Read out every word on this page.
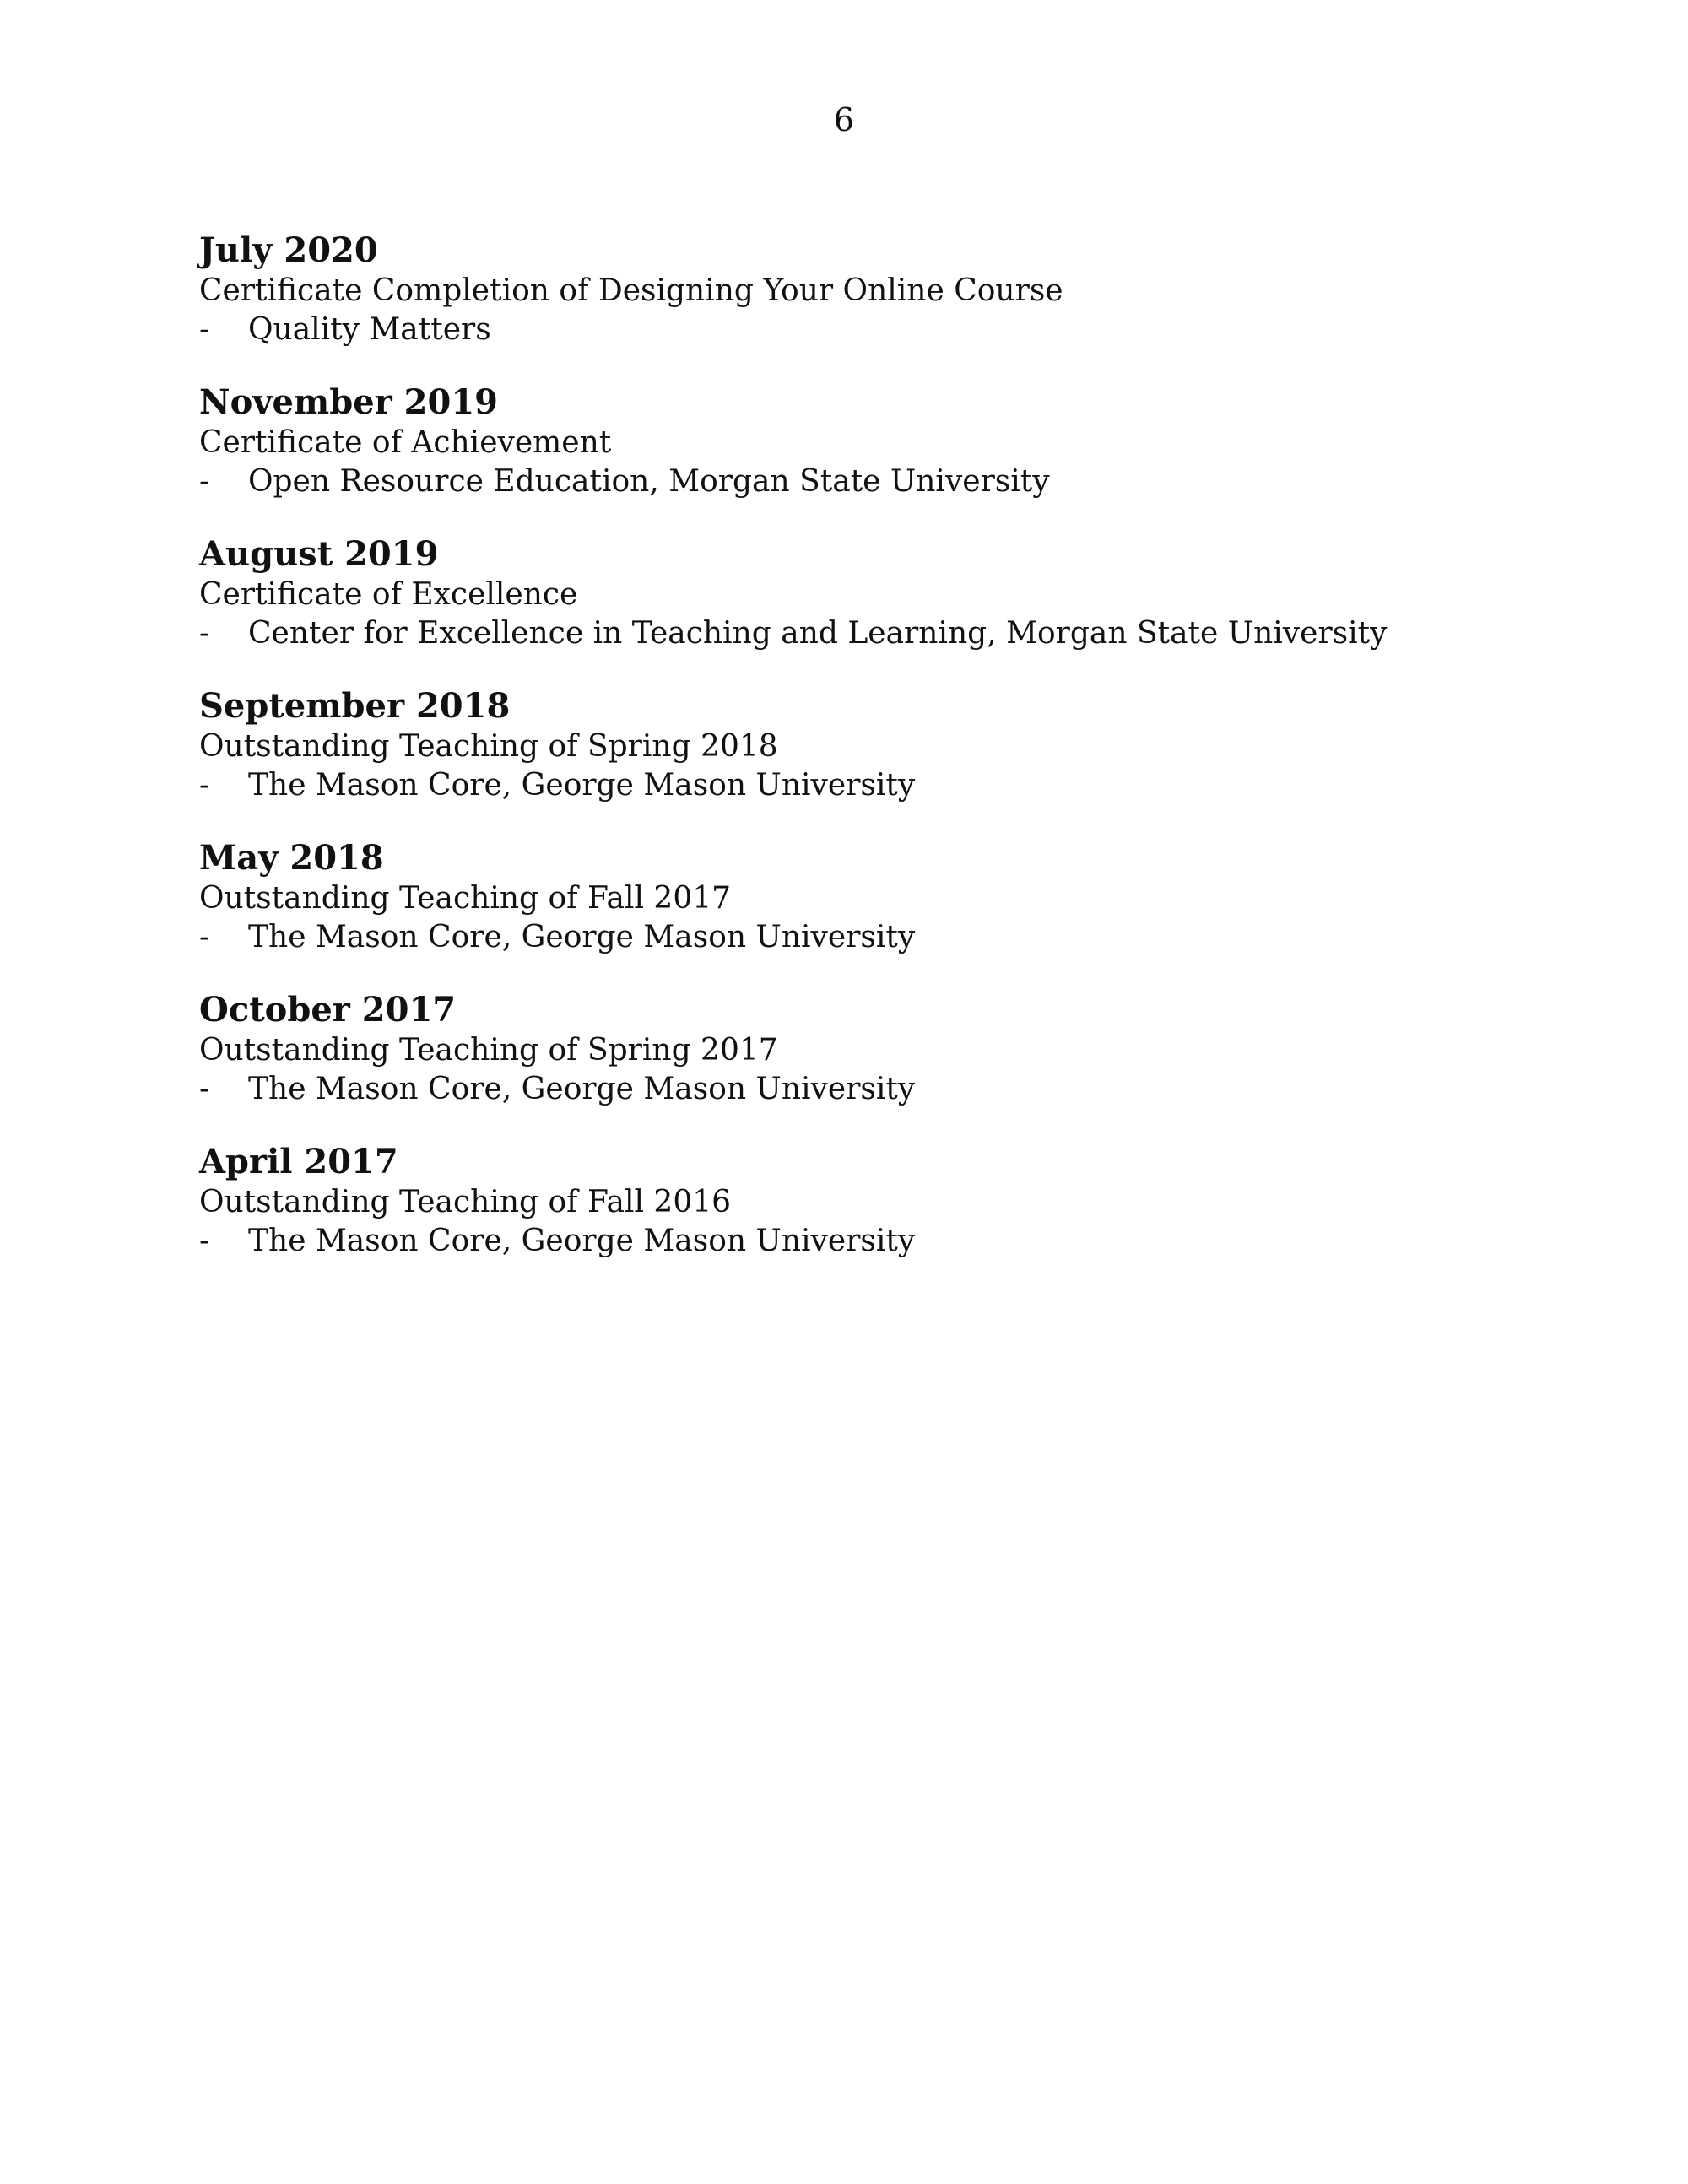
6
July 2020
Certificate Completion of Designing Your Online Course
- Quality Matters
November 2019
Certificate of Achievement
- Open Resource Education, Morgan State University
August 2019
Certificate of Excellence
- Center for Excellence in Teaching and Learning, Morgan State University
September 2018
Outstanding Teaching of Spring 2018
- The Mason Core, George Mason University
May 2018
Outstanding Teaching of Fall 2017
- The Mason Core, George Mason University
October 2017
Outstanding Teaching of Spring 2017
- The Mason Core, George Mason University
April 2017
Outstanding Teaching of Fall 2016
- The Mason Core, George Mason University
